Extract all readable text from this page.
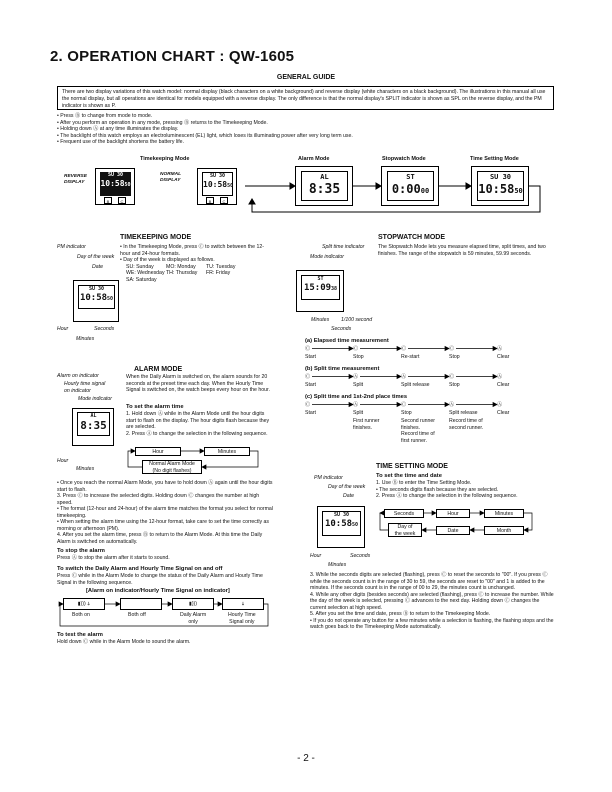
2. OPERATION CHART : QW-1605
GENERAL GUIDE
There are two display variations of this watch model: normal display (black characters on a white background) and reverse display (white characters on a black background). The illustrations in this manual all use the normal display, but all operations are identical for models equipped with a reverse display. The only difference is that the normal display's SPLIT indicator is shown as SPL on the reverse display, and the PM indicator is shown as P.
• Press Ⓑ to change from mode to mode.
• After you perform an operation in any mode, pressing Ⓑ returns to the Timekeeping Mode.
• Holding down Ⓐ at any time illuminates the display.
• The backlight of this watch employs an electroluminescent (EL) light, which loses its illuminating power after very long term use.
• Frequent use of the backlight shortens the battery life.
Timekeeping Mode	Alarm Mode	Stopwatch Mode	Time Setting Mode
REVERSE
DISPLAY
NORMAL
DISPLAY
SU 30
10:5850
B	C
SU 30
10:5850
B	C
AL
8:35
ST
0:0000
SU 30
10:5850
TIMEKEEPING MODE
PM indicator
Day of the week
Date
SU 30
10:5850
Hour	Seconds
Minutes
• In the Timekeeping Mode, press Ⓒ to switch between the 12-hour and 24-hour formats.
• Day of the week is displayed as follows.
SU: Sunday	MO: Monday	TU: Tuesday
WE: Wednesday	TH: Thursday	FR: Friday
SA: Saturday		
STOPWATCH MODE
Split time indicator
Mode indicator
ST
15:0938
Minutes 1/100 second
Seconds
The Stopwatch Mode lets you measure elapsed time, split times, and two finishes. The range of the stopwatch is 59 minutes, 59.99 seconds.
(a) Elapsed time measurement
Ⓒ	Ⓒ	Ⓒ	Ⓒ	Ⓐ
Start	Stop	Re-start	Stop	Clear
(b) Split time measurement
Ⓒ	Ⓐ	Ⓐ	Ⓒ	Ⓐ
Start	Split	Split release	Stop	Clear
(c) Split time and 1st-2nd place times
Ⓒ	Ⓐ	Ⓒ	Ⓐ	Ⓐ
Start	Split	Stop	Split release	Clear
First runner
finishes.
Second runner
finishes.
Record time of
first runner.
Record time of
second runner.
ALARM MODE
Alarm on indicator
Hourly time signal
on indicator
Mode indicator
AL
8:35
Hour
Minutes
When the Daily Alarm is switched on, the alarm sounds for 20 seconds at the preset time each day. When the Hourly Time Signal is switched on, the watch beeps every hour on the hour.
To set the alarm time
1. Hold down Ⓐ while in the Alarm Mode until the hour digits start to flash on the display. The hour digits flash because they are selected.
2. Press Ⓐ to change the selection in the following sequence.
Hour	Minutes
Normal Alarm Mode
(No digit flashes)
• Once you reach the normal Alarm Mode, you have to hold down Ⓐ again until the hour digits start to flash.
3. Press Ⓒ to increase the selected digits. Holding down Ⓒ changes the number at high speed.
• The format (12-hour and 24-hour) of the alarm time matches the format you select for normal timekeeping.
• When setting the alarm time using the 12-hour format, take care to set the time correctly as morning or afternoon (PM).
4. After you set the alarm time, press Ⓑ to return to the Alarm Mode. At this time the Daily Alarm is switched on automatically.
To stop the alarm
Press Ⓐ to stop the alarm after it starts to sound.
To switch the Daily Alarm and Hourly Time Signal on and off
Press Ⓒ while in the Alarm Mode to change the status of the Daily Alarm and Hourly Time Signal in the following sequence.
[Alarm on indicator/Hourly Time Signal on indicator]
▮))) ⍋
	▮)))	⍋
Both on	Both off	Daily Alarm
only
Hourly Time
Signal only
To test the alarm
Hold down Ⓒ while in the Alarm Mode to sound the alarm.
TIME SETTING MODE
PM indicator
Day of the week
Date
SU 30
10:5850
Hour	Seconds
Minutes
To set the time and date
1. Use Ⓑ to enter the Time Setting Mode.
• The seconds digits flash because they are selected.
2. Press Ⓐ to change the selection in the following sequence.
Seconds	Hour	Minutes
Day of
the week	Date	Month
3. While the seconds digits are selected (flashing), press Ⓒ to reset the seconds to "00". If you press Ⓒ while the seconds count is in the range of 30 to 59, the seconds are reset to "00" and 1 is added to the minutes. If the seconds count is in the range of 00 to 29, the minutes count is unchanged.
4. While any other digits (besides seconds) are selected (flashing), press Ⓒ to increase the number. While the day of the week is selected, pressing Ⓒ advances to the next day. Holding down Ⓒ changes the current selection at high speed.
5. After you set the time and date, press Ⓑ to return to the Timekeeping Mode.
• If you do not operate any button for a few minutes while a selection is flashing, the flashing stops and the watch goes back to the Timekeeping Mode automatically.
- 2 -
